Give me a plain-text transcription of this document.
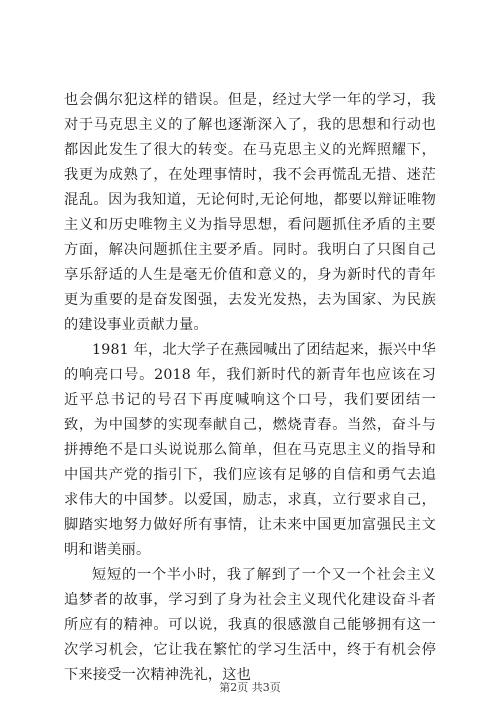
也会偶尔犯这样的错误。但是，经过大学一年的学习，我对于马克思主义的了解也逐渐深入了，我的思想和行动也都因此发生了很大的转变。在马克思主义的光辉照耀下，我更为成熟了，在处理事情时，我不会再慌乱无措、迷茫混乱。因为我知道，无论何时,无论何地，都要以辩证唯物主义和历史唯物主义为指导思想，看问题抓住矛盾的主要方面，解决问题抓住主要矛盾。同时。我明白了只图自己享乐舒适的人生是毫无价值和意义的，身为新时代的青年更为重要的是奋发图强，去发光发热，去为国家、为民族的建设事业贡献力量。

1981 年，北大学子在燕园喊出了团结起来，振兴中华的响亮口号。2018 年，我们新时代的新青年也应该在习近平总书记的号召下再度喊响这个口号，我们要团结一致，为中国梦的实现奉献自己，燃烧青春。当然，奋斗与拼搏绝不是口头说说那么简单，但在马克思主义的指导和中国共产党的指引下，我们应该有足够的自信和勇气去追求伟大的中国梦。以爱国，励志，求真，立行要求自己，脚踏实地努力做好所有事情，让未来中国更加富强民主文明和谐美丽。

短短的一个半小时，我了解到了一个又一个社会主义追梦者的故事，学习到了身为社会主义现代化建设奋斗者所应有的精神。可以说，我真的很感激自己能够拥有这一次学习机会，它让我在繁忙的学习生活中，终于有机会停下来接受一次精神洗礼，这也

第2页 共3页
